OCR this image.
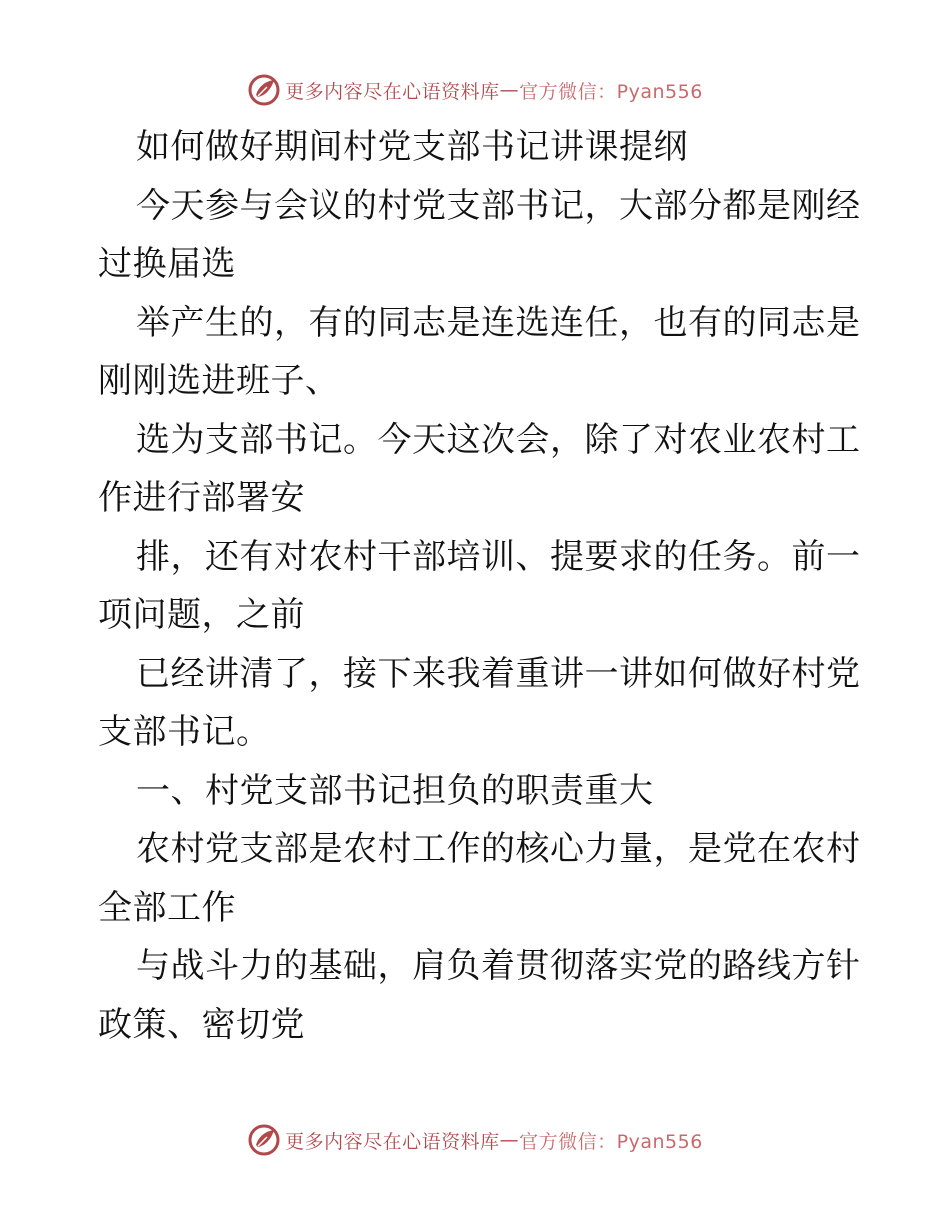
更多内容尽在心语资料库 — 官方微信：Pyan556
如何做好期间村党支部书记讲课提纲
今天参与会议的村党支部书记，大部分都是刚经
过换届选
举产生的，有的同志是连选连任，也有的同志是
刚刚选进班子、
选为支部书记。今天这次会，除了对农业农村工
作进行部署安
排，还有对农村干部培训、提要求的任务。前一
项问题，之前
已经讲清了，接下来我着重讲一讲如何做好村党
支部书记。
一、村党支部书记担负的职责重大
农村党支部是农村工作的核心力量，是党在农村
全部工作
与战斗力的基础，肩负着贯彻落实党的路线方针
政策、密切党
更多内容尽在心语资料库 — 官方微信：Pyan556
